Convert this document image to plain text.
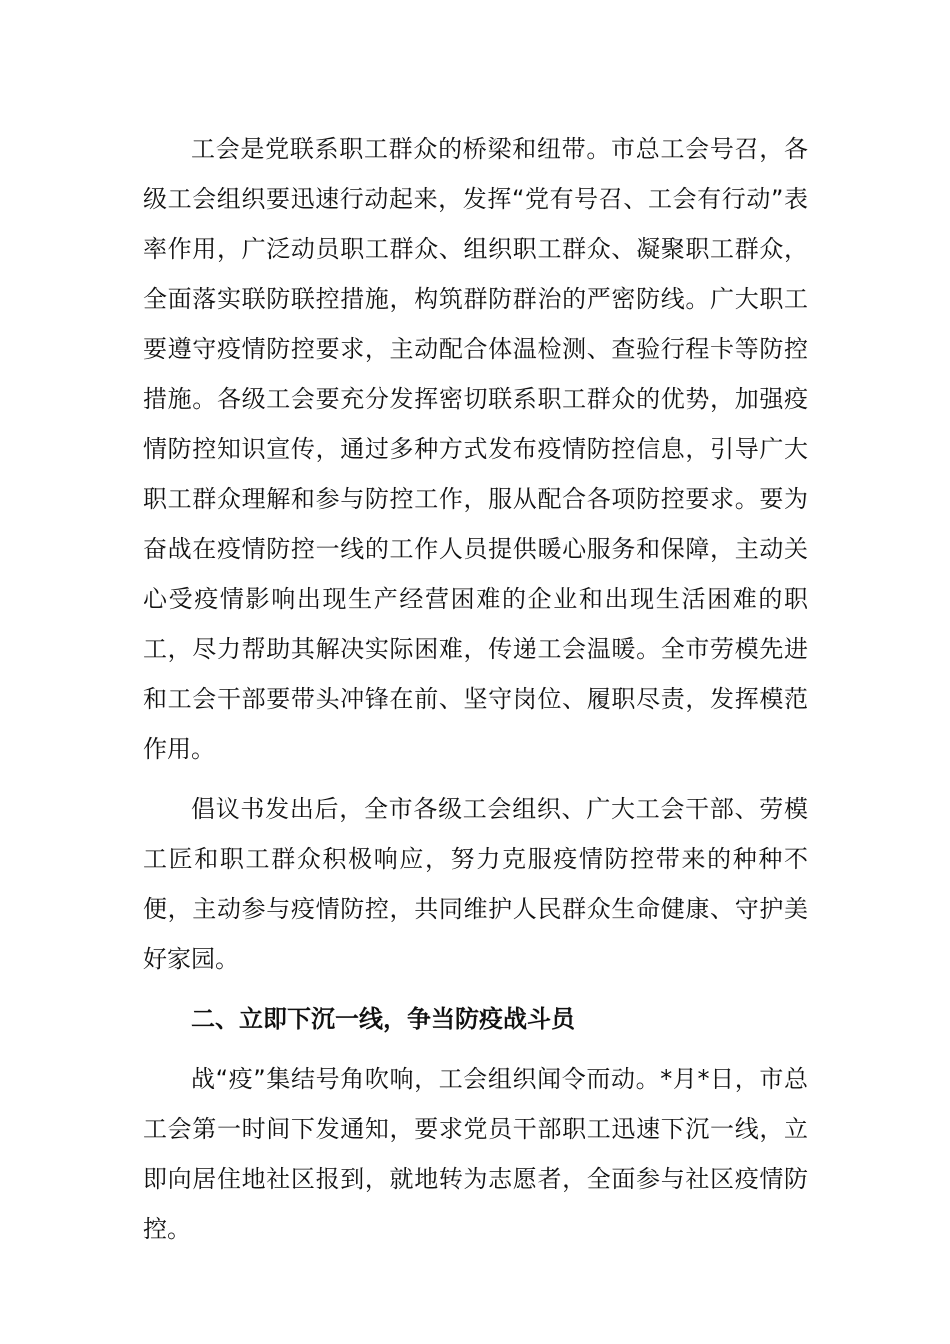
工会是党联系职工群众的桥梁和纽带。市总工会号召，各级工会组织要迅速行动起来，发挥“党有号召、工会有行动”表率作用，广泛动员职工群众、组织职工群众、凝聚职工群众，全面落实联防联控措施，构筑群防群治的严密防线。广大职工要遵守疫情防控要求，主动配合体温检测、查验行程卡等防控措施。各级工会要充分发挥密切联系职工群众的优势，加强疫情防控知识宣传，通过多种方式发布疫情防控信息，引导广大职工群众理解和参与防控工作，服从配合各项防控要求。要为奋战在疫情防控一线的工作人员提供暖心服务和保障，主动关心受疫情影响出现生产经营困难的企业和出现生活困难的职工，尽力帮助其解决实际困难，传递工会温暖。全市劳模先进和工会干部要带头冲锋在前、坚守岗位、履职尽责，发挥模范作用。

倡议书发出后，全市各级工会组织、广大工会干部、劳模工匠和职工群众积极响应，努力克服疫情防控带来的种种不便，主动参与疫情防控，共同维护人民群众生命健康、守护美好家园。

二、立即下沉一线，争当防疫战斗员

战“疫”集结号角吹响，工会组织闻令而动。*月*日，市总工会第一时间下发通知，要求党员干部职工迅速下沉一线，立即向居住地社区报到，就地转为志愿者，全面参与社区疫情防控。
